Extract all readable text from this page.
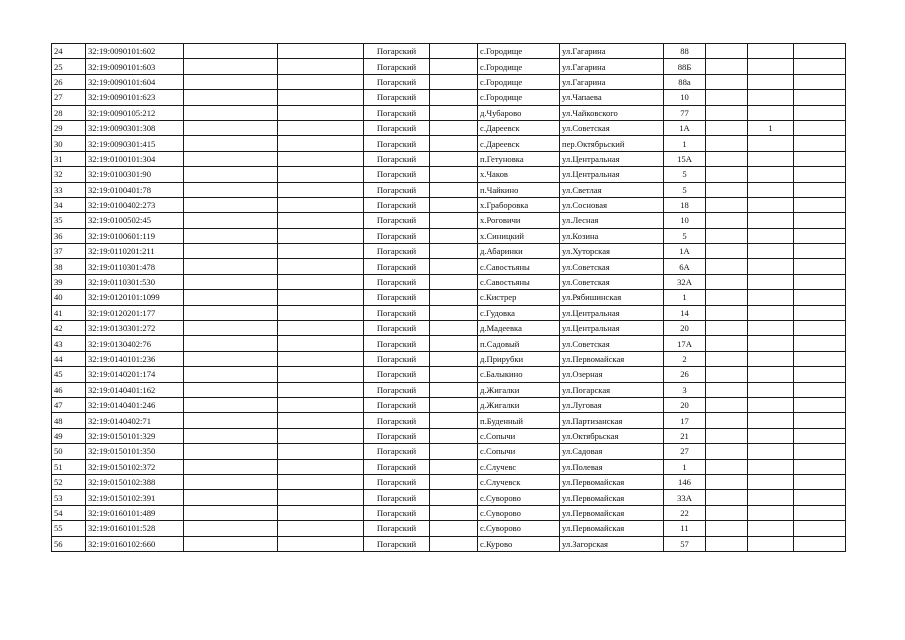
24	32:19:0090101:602			Погарский		с.Городище	ул.Гагарина	88			
25	32:19:0090101:603			Погарский		с.Городище	ул.Гагарина	88Б			
26	32:19:0090101:604			Погарский		с.Городище	ул.Гагарина	88а			
27	32:19:0090101:623			Погарский		с.Городище	ул.Чапаева	10			
28	32:19:0090105:212			Погарский		д.Чубарово	ул.Чайковского	77			
29	32:19:0090301:308			Погарский		с.Дареевск	ул.Советская	1А		1	
30	32:19:0090301:415			Погарский		с.Дареевск	пер.Октябрьский	1			
31	32:19:0100101:304			Погарский		п.Гетуновка	ул.Центральная	15А			
32	32:19:0100301:90			Погарский		х.Чаков	ул.Центральная	5			
33	32:19:0100401:78			Погарский		п.Чайкино	ул.Светлая	5			
34	32:19:0100402:273			Погарский		х.Граборовка	ул.Сосновая	18			
35	32:19:0100502:45			Погарский		х.Роговичи	ул.Лесная	10			
36	32:19:0100601:119			Погарский		х.Синицкий	ул.Козина	5			
37	32:19:0110201:211			Погарский		д.Абаринки	ул.Хуторская	1А			
38	32:19:0110301:478			Погарский		с.Савостьяны	ул.Советская	6А			
39	32:19:0110301:530			Погарский		с.Савостьяны	ул.Советская	32А			
40	32:19:0120101:1099			Погарский		с.Кистрер	ул.Рябишинская	1			
41	32:19:0120201:177			Погарский		с.Гудовка	ул.Центральная	14			
42	32:19:0130301:272			Погарский		д.Мадеевка	ул.Центральная	20			
43	32:19:0130402:76			Погарский		п.Садовый	ул.Советская	17А			
44	32:19:0140101:236			Погарский		д.Прирубки	ул.Первомайская	2			
45	32:19:0140201:174			Погарский		с.Балыкино	ул.Озерная	26			
46	32:19:0140401:162			Погарский		д.Жигалки	ул.Погарская	3			
47	32:19:0140401:246			Погарский		д.Жигалки	ул.Луговая	20			
48	32:19:0140402:71			Погарский		п.Буденный	ул.Партизанская	17			
49	32:19:0150101:329			Погарский		с.Сопычи	ул.Октябрьская	21			
50	32:19:0150101:350			Погарский		с.Сопычи	ул.Садовая	27			
51	32:19:0150102:372			Погарский		с.Случевс	ул.Полевая	1			
52	32:19:0150102:388			Погарский		с.Случевск	ул.Первомайская	146			
53	32:19:0150102:391			Погарский		с.Суворово	ул.Первомайская	33А			
54	32:19:0160101:489			Погарский		с.Суворово	ул.Первомайская	22			
55	32:19:0160101:528			Погарский		с.Суворово	ул.Первомайская	11			
56	32:19:0160102:660			Погарский		с.Курово	ул.Загорская	57			
